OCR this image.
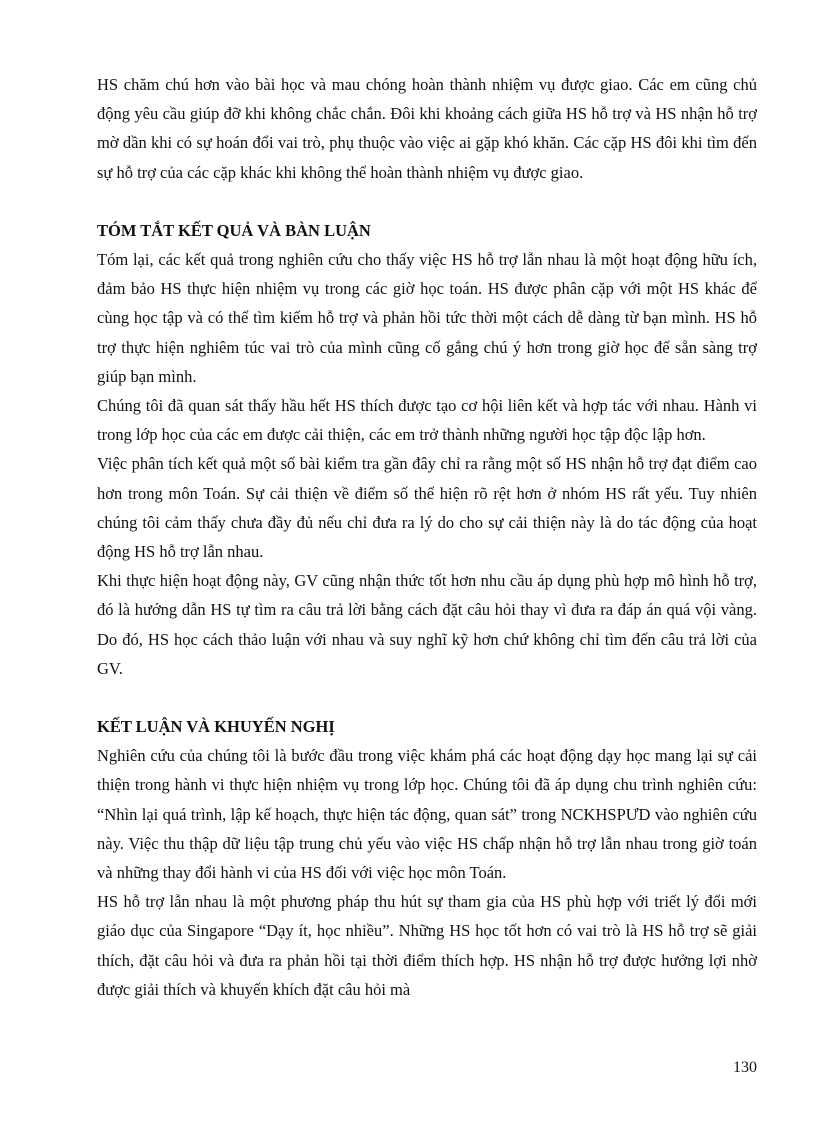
HS chăm chú hơn vào bài học và mau chóng hoàn thành nhiệm vụ được giao. Các em cũng chủ động yêu cầu giúp đỡ khi không chắc chắn. Đôi khi khoảng cách giữa HS hỗ trợ và HS nhận hỗ trợ mờ dần khi có sự hoán đổi vai trò, phụ thuộc vào việc ai gặp khó khăn. Các cặp HS đôi khi tìm đến sự hỗ trợ của các cặp khác khi không thể hoàn thành nhiệm vụ được giao.

TÓM TẮT KẾT QUẢ VÀ BÀN LUẬN

Tóm lại, các kết quả trong nghiên cứu cho thấy việc HS hỗ trợ lẫn nhau là một hoạt động hữu ích, đảm bảo HS thực hiện nhiệm vụ trong các giờ học toán. HS được phân cặp với một HS khác để cùng học tập và có thể tìm kiếm hỗ trợ và phản hồi tức thời một cách dễ dàng từ bạn mình. HS hỗ trợ thực hiện nghiêm túc vai trò của mình cũng cố gắng chú ý hơn trong giờ học để sẵn sàng trợ giúp bạn mình.

Chúng tôi đã quan sát thấy hầu hết HS thích được tạo cơ hội liên kết và hợp tác với nhau. Hành vi trong lớp học của các em được cải thiện, các em trở thành những người học tập độc lập hơn.

Việc phân tích kết quả một số bài kiểm tra gần đây chỉ ra rằng một số HS nhận hỗ trợ đạt điểm cao hơn trong môn Toán. Sự cải thiện về điểm số thể hiện rõ rệt hơn ở nhóm HS rất yếu. Tuy nhiên chúng tôi cảm thấy chưa đầy đủ nếu chỉ đưa ra lý do cho sự cải thiện này là do tác động của hoạt động HS hỗ trợ lẫn nhau.

Khi thực hiện hoạt động này, GV cũng nhận thức tốt hơn nhu cầu áp dụng phù hợp mô hình hỗ trợ, đó là hướng dẫn HS tự tìm ra câu trả lời bằng cách đặt câu hỏi thay vì đưa ra đáp án quá vội vàng. Do đó, HS học cách thảo luận với nhau và suy nghĩ kỹ hơn chứ không chỉ tìm đến câu trả lời của GV.

KẾT LUẬN VÀ KHUYẾN NGHỊ

Nghiên cứu của chúng tôi là bước đầu trong việc khám phá các hoạt động dạy học mang lại sự cải thiện trong hành vi thực hiện nhiệm vụ trong lớp học. Chúng tôi đã áp dụng chu trình nghiên cứu: “Nhìn lại quá trình, lập kế hoạch, thực hiện tác động, quan sát” trong NCKHSPƯD vào nghiên cứu này. Việc thu thập dữ liệu tập trung chủ yếu vào việc HS chấp nhận hỗ trợ lẫn nhau trong giờ toán và những thay đổi hành vi của HS đối với việc học môn Toán.

HS hỗ trợ lẫn nhau là một phương pháp thu hút sự tham gia của HS phù hợp với triết lý đổi mới giáo dục của Singapore “Dạy ít, học nhiều”. Những HS học tốt hơn có vai trò là HS hỗ trợ sẽ giải thích, đặt câu hỏi và đưa ra phản hồi tại thời điểm thích hợp. HS nhận hỗ trợ được hưởng lợi nhờ được giải thích và khuyến khích đặt câu hỏi mà

130
